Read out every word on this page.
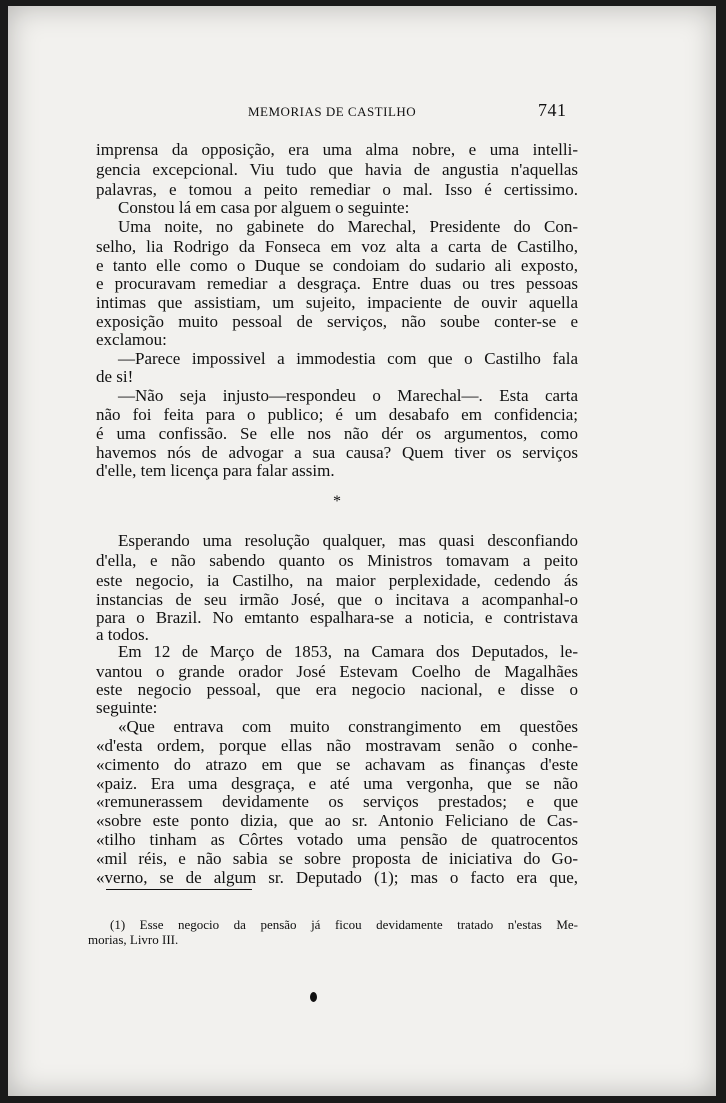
MEMORIAS DE CASTILHO	741
imprensa da opposição, era uma alma nobre, e uma intelli-
gencia excepcional. Viu tudo que havia de angustia n'aquellas
palavras, e tomou a peito remediar o mal. Isso é certissimo.
Constou lá em casa por alguem o seguinte:
Uma noite, no gabinete do Marechal, Presidente do Con-
selho, lia Rodrigo da Fonseca em voz alta a carta de Castilho,
e tanto elle como o Duque se condoiam do sudario ali exposto,
e procuravam remediar a desgraça. Entre duas ou tres pessoas
intimas que assistiam, um sujeito, impaciente de ouvir aquella
exposição muito pessoal de serviços, não soube conter-se e
exclamou:
—Parece impossivel a immodestia com que o Castilho fala
de si!
—Não seja injusto—respondeu o Marechal—. Esta carta
não foi feita para o publico; é um desabafo em confidencia;
é uma confissão. Se elle nos não dér os argumentos, como
havemos nós de advogar a sua causa? Quem tiver os serviços
d'elle, tem licença para falar assim.
*
Esperando uma resolução qualquer, mas quasi desconfiando
d'ella, e não sabendo quanto os Ministros tomavam a peito
este negocio, ia Castilho, na maior perplexidade, cedendo ás
instancias de seu irmão José, que o incitava a acompanhal-o
para o Brazil. No emtanto espalhara-se a noticia, e contristava
a todos.
Em 12 de Março de 1853, na Camara dos Deputados, le-
vantou o grande orador José Estevam Coelho de Magalhães
este negocio pessoal, que era negocio nacional, e disse o
seguinte:
«Que entrava com muito constrangimento em questões
«d'esta ordem, porque ellas não mostravam senão o conhe-
«cimento do atrazo em que se achavam as finanças d'este
«paiz. Era uma desgraça, e até uma vergonha, que se não
«remunerassem devidamente os serviços prestados; e que
«sobre este ponto dizia, que ao sr. Antonio Feliciano de Cas-
«tilho tinham as Côrtes votado uma pensão de quatrocentos
«mil réis, e não sabia se sobre proposta de iniciativa do Go-
«verno, se de algum sr. Deputado (1); mas o facto era que,
(1) Esse negocio da pensão já ficou devidamente tratado n'estas Me-
morias, Livro III.
